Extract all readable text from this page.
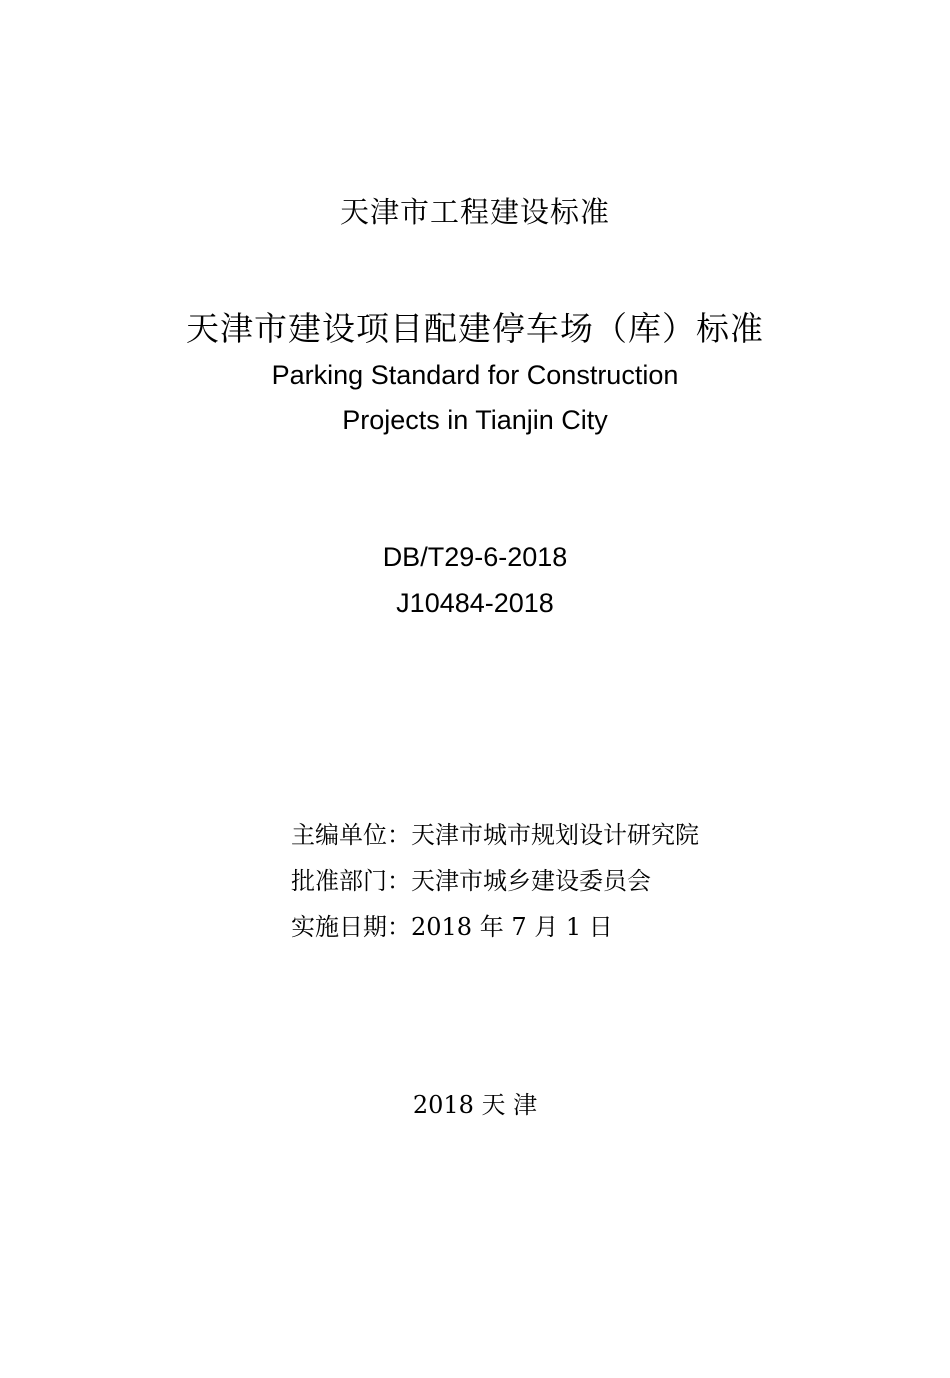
天津市工程建设标准
天津市建设项目配建停车场（库）标准
Parking Standard for Construction
Projects in Tianjin City
DB/T29-6-2018
J10484-2018
主编单位：天津市城市规划设计研究院
批准部门：天津市城乡建设委员会
实施日期：2018 年 7 月 1 日
2018 天 津
